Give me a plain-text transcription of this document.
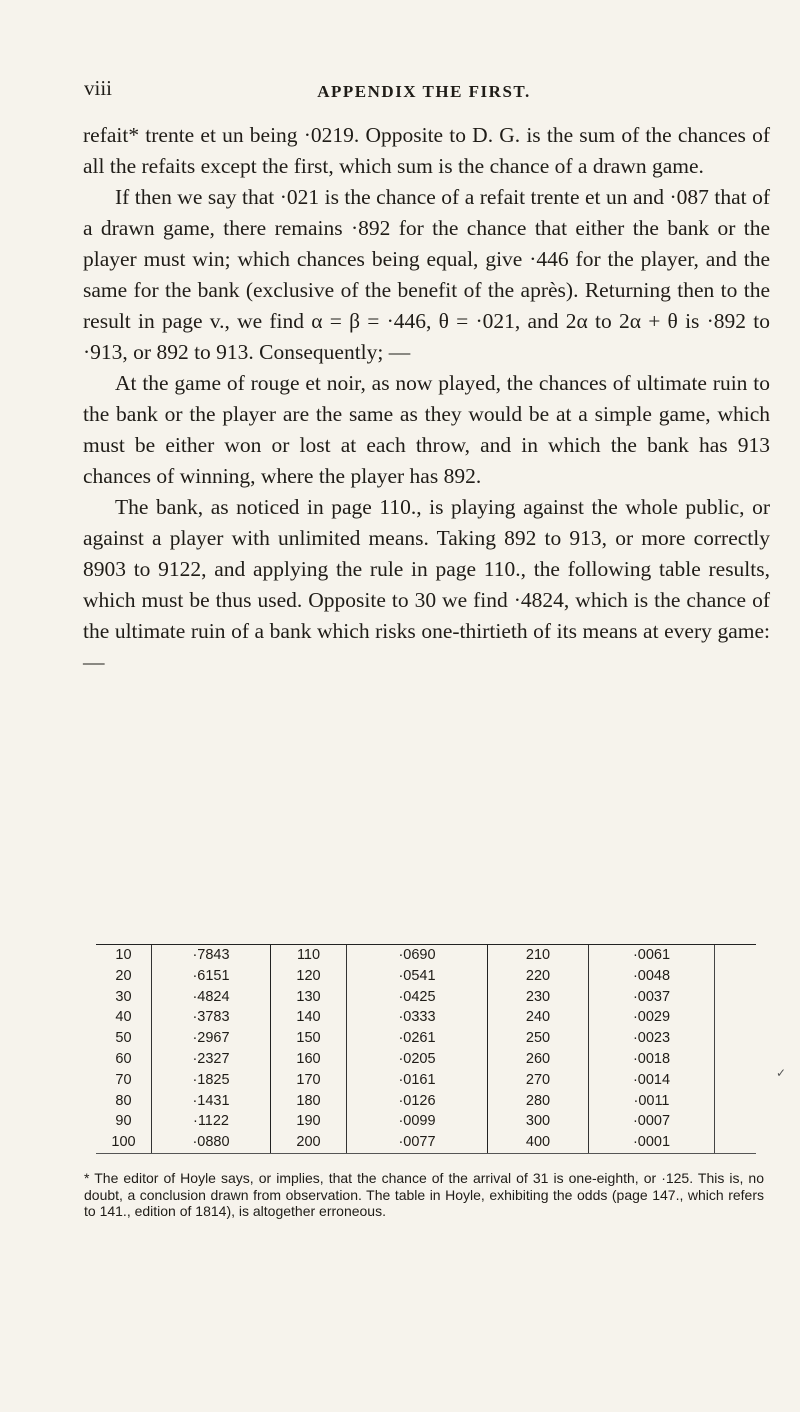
viii	APPENDIX THE FIRST.

refait* trente et un being ·0219. Opposite to D. G. is the sum of the chances of all the refaits except the first, which sum is the chance of a drawn game.

If then we say that ·021 is the chance of a refait trente et un and ·087 that of a drawn game, there remains ·892 for the chance that either the bank or the player must win; which chances being equal, give ·446 for the player, and the same for the bank (exclusive of the benefit of the après). Returning then to the result in page v., we find α = β = ·446, θ = ·021, and 2α to 2α + θ is ·892 to ·913, or 892 to 913. Consequently; —

At the game of rouge et noir, as now played, the chances of ultimate ruin to the bank or the player are the same as they would be at a simple game, which must be either won or lost at each throw, and in which the bank has 913 chances of winning, where the player has 892.

The bank, as noticed in page 110., is playing against the whole public, or against a player with unlimited means. Taking 892 to 913, or more correctly 8903 to 9122, and applying the rule in page 110., the following table results, which must be thus used. Opposite to 30 we find ·4824, which is the chance of the ultimate ruin of a bank which risks one-thirtieth of its means at every game: —

10	·7843	110	·0690	210	·0061
20	·6151	120	·0541	220	·0048
30	·4824	130	·0425	230	·0037
40	·3783	140	·0333	240	·0029
50	·2967	150	·0261	250	·0023
60	·2327	160	·0205	260	·0018
70	·1825	170	·0161	270	·0014
80	·1431	180	·0126	280	·0011
90	·1122	190	·0099	300	·0007
100	·0880	200	·0077	400	·0001
* The editor of Hoyle says, or implies, that the chance of the arrival of 31 is one-eighth, or ·125. This is, no doubt, a conclusion drawn from observation. The table in Hoyle, exhibiting the odds (page 147., which refers to 141., edition of 1814), is altogether erroneous.
✓
